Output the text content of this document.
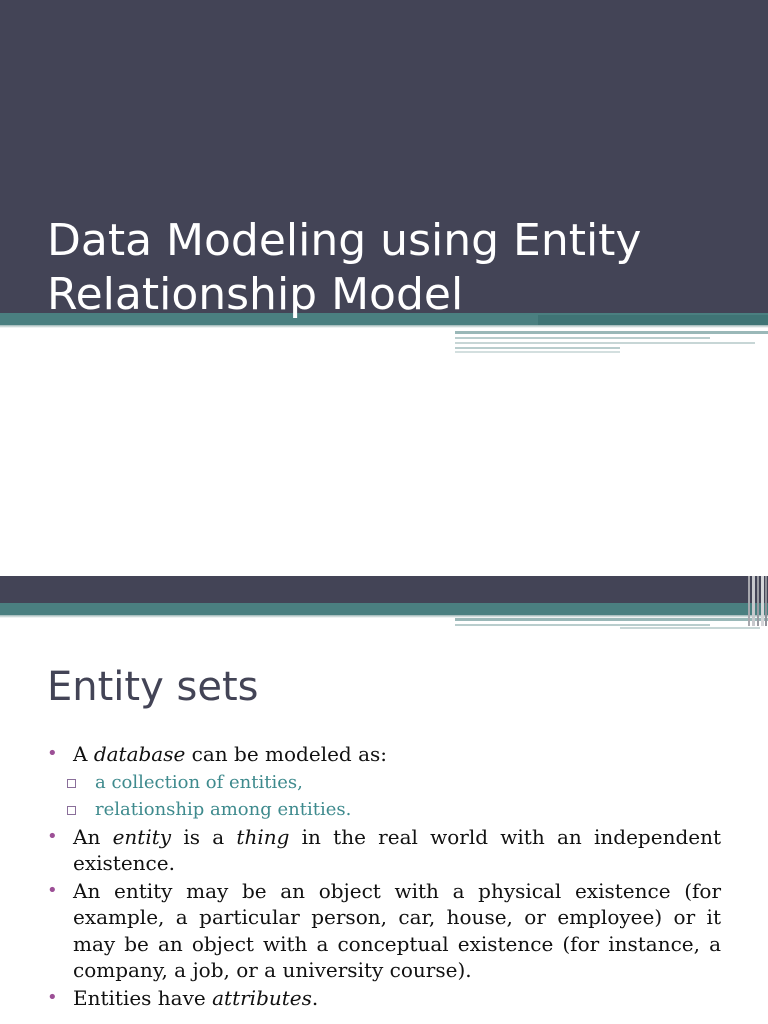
Data Modeling using Entity Relationship Model
Entity sets
• A database can be modeled as:
a collection of entities,
relationship among entities.
• An entity is a thing in the real world with an independent existence.
• An entity may be an object with a physical existence (for example, a particular person, car, house, or employee) or it may be an object with a conceptual existence (for instance, a company, a job, or a university course).
• Entities have attributes.
